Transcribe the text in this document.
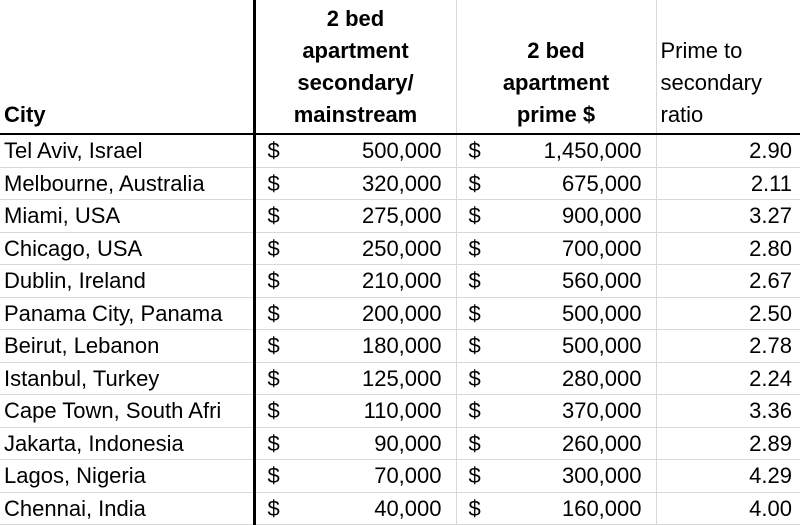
City	2 bed
apartment
secondary/
mainstream	2 bed
apartment
prime $	Prime to
secondary
ratio

Tel Aviv, Israel	$ 500,000	$ 1,450,000	2.90
Melbourne, Australia	$ 320,000	$ 675,000	2.11
Miami, USA	$ 275,000	$ 900,000	3.27
Chicago, USA	$ 250,000	$ 700,000	2.80
Dublin, Ireland	$ 210,000	$ 560,000	2.67
Panama City, Panama	$ 200,000	$ 500,000	2.50
Beirut, Lebanon	$ 180,000	$ 500,000	2.78
Istanbul, Turkey	$ 125,000	$ 280,000	2.24
Cape Town, South Afri	$ 110,000	$ 370,000	3.36
Jakarta, Indonesia	$ 90,000	$ 260,000	2.89
Lagos, Nigeria	$ 70,000	$ 300,000	4.29
Chennai, India	$ 40,000	$ 160,000	4.00
